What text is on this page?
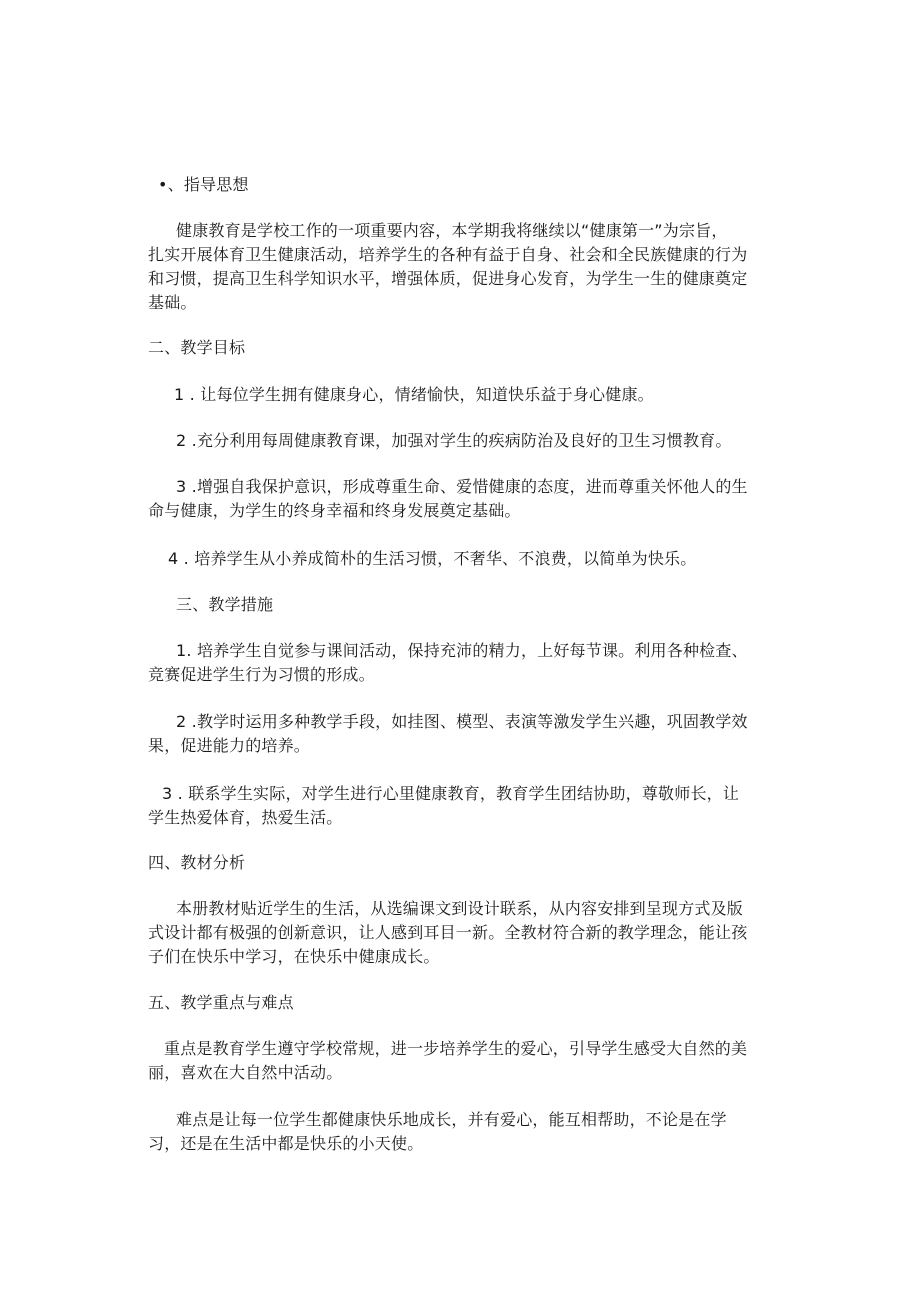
•、指导思想
健康教育是学校工作的一项重要内容，本学期我将继续以“健康第一”为宗旨，
扎实开展体育卫生健康活动，培养学生的各种有益于自身、社会和全民族健康的行为
和习惯，提高卫生科学知识水平，增强体质，促进身心发育，为学生一生的健康奠定
基础。
二、教学目标
1 . 让每位学生拥有健康身心，情绪愉快，知道快乐益于身心健康。
2 .充分利用每周健康教育课，加强对学生的疾病防治及良好的卫生习惯教育。
3 .增强自我保护意识，形成尊重生命、爱惜健康的态度，进而尊重关怀他人的生
命与健康，为学生的终身幸福和终身发展奠定基础。
4 . 培养学生从小养成简朴的生活习惯，不奢华、不浪费，以简单为快乐。
三、教学措施
1. 培养学生自觉参与课间活动，保持充沛的精力，上好每节课。利用各种检查、
竞赛促进学生行为习惯的形成。
2 .教学时运用多种教学手段，如挂图、模型、表演等激发学生兴趣，巩固教学效
果，促进能力的培养。
3 . 联系学生实际，对学生进行心里健康教育，教育学生团结协助，尊敬师长，让
学生热爱体育，热爱生活。
四、教材分析
本册教材贴近学生的生活，从选编课文到设计联系，从内容安排到呈现方式及版
式设计都有极强的创新意识，让人感到耳目一新。全教材符合新的教学理念，能让孩
子们在快乐中学习，在快乐中健康成长。
五、教学重点与难点
重点是教育学生遵守学校常规，进一步培养学生的爱心，引导学生感受大自然的美
丽，喜欢在大自然中活动。
难点是让每一位学生都健康快乐地成长，并有爱心，能互相帮助，不论是在学
习，还是在生活中都是快乐的小天使。
